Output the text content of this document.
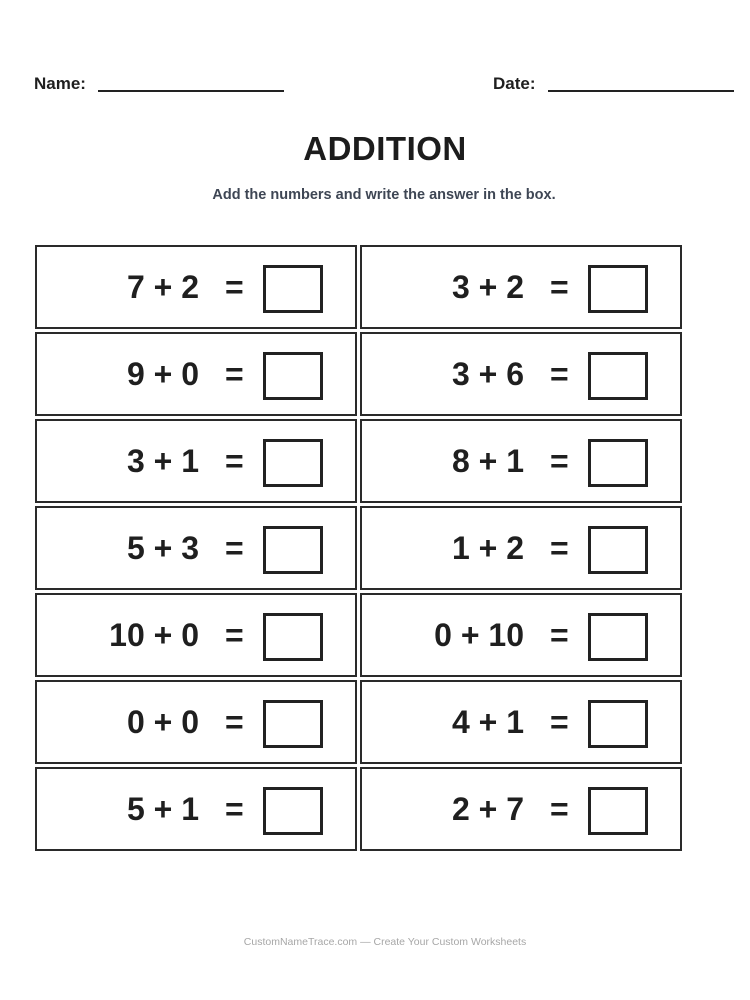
Name:	Date:
ADDITION
Add the numbers and write the answer in the box.
7 + 2 =	3 + 2 =
9 + 0 =	3 + 6 =
3 + 1 =	8 + 1 =
5 + 3 =	1 + 2 =
10 + 0 =	0 + 10 =
0 + 0 =	4 + 1 =
5 + 1 =	2 + 7 =
CustomNameTrace.com — Create Your Custom Worksheets
